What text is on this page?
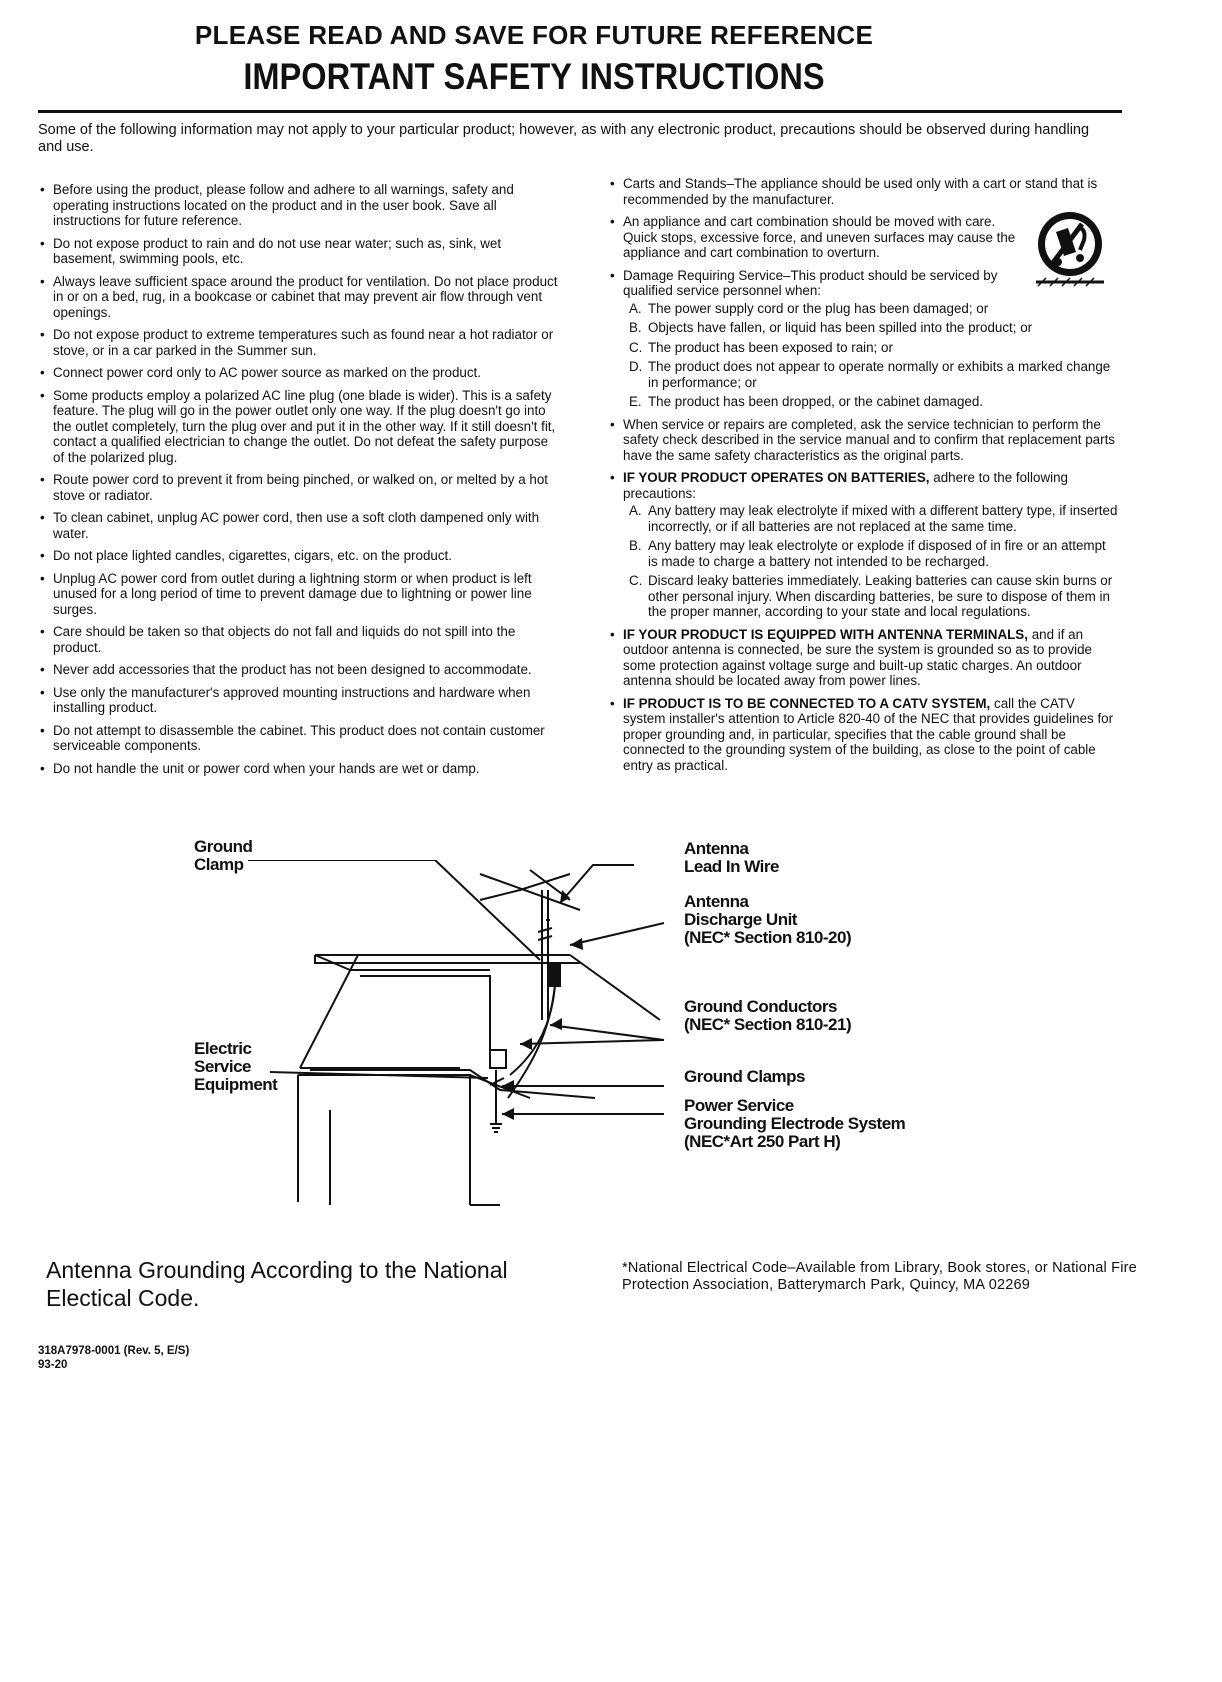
PLEASE READ AND SAVE FOR FUTURE REFERENCE
IMPORTANT SAFETY INSTRUCTIONS
Some of the following information may not apply to your particular product; however, as with any electronic product, precautions should be observed during handling and use.
• Before using the product, please follow and adhere to all warnings, safety and operating instructions located on the product and in the user book. Save all instructions for future reference.
• Do not expose product to rain and do not use near water; such as, sink, wet basement, swimming pools, etc.
• Always leave sufficient space around the product for ventilation. Do not place product in or on a bed, rug, in a bookcase or cabinet that may prevent air flow through vent openings.
• Do not expose product to extreme temperatures such as found near a hot radiator or stove, or in a car parked in the Summer sun.
• Connect power cord only to AC power source as marked on the product.
• Some products employ a polarized AC line plug (one blade is wider). This is a safety feature. The plug will go in the power outlet only one way. If the plug doesn't go into the outlet completely, turn the plug over and put it in the other way. If it still doesn't fit, contact a qualified electrician to change the outlet. Do not defeat the safety purpose of the polarized plug.
• Route power cord to prevent it from being pinched, or walked on, or melted by a hot stove or radiator.
• To clean cabinet, unplug AC power cord, then use a soft cloth dampened only with water.
• Do not place lighted candles, cigarettes, cigars, etc. on the product.
• Unplug AC power cord from outlet during a lightning storm or when product is left unused for a long period of time to prevent damage due to lightning or power line surges.
• Care should be taken so that objects do not fall and liquids do not spill into the product.
• Never add accessories that the product has not been designed to accommodate.
• Use only the manufacturer's approved mounting instructions and hardware when installing product.
• Do not attempt to disassemble the cabinet. This product does not contain customer serviceable components.
• Do not handle the unit or power cord when your hands are wet or damp.
• Carts and Stands–The appliance should be used only with a cart or stand that is recommended by the manufacturer.
• An appliance and cart combination should be moved with care. Quick stops, excessive force, and uneven surfaces may cause the appliance and cart combination to overturn.
• Damage Requiring Service–This product should be serviced by qualified service personnel when:
A. The power supply cord or the plug has been damaged; or
B. Objects have fallen, or liquid has been spilled into the product; or
C. The product has been exposed to rain; or
D. The product does not appear to operate normally or exhibits a marked change in performance; or
E. The product has been dropped, or the cabinet damaged.
• When service or repairs are completed, ask the service technician to perform the safety check described in the service manual and to confirm that replacement parts have the same safety characteristics as the original parts.
• IF YOUR PRODUCT OPERATES ON BATTERIES, adhere to the following precautions:
A. Any battery may leak electrolyte if mixed with a different battery type, if inserted incorrectly, or if all batteries are not replaced at the same time.
B. Any battery may leak electrolyte or explode if disposed of in fire or an attempt is made to charge a battery not intended to be recharged.
C. Discard leaky batteries immediately. Leaking batteries can cause skin burns or other personal injury. When discarding batteries, be sure to dispose of them in the proper manner, according to your state and local regulations.
• IF YOUR PRODUCT IS EQUIPPED WITH ANTENNA TERMINALS, and if an outdoor antenna is connected, be sure the system is grounded so as to provide some protection against voltage surge and built-up static charges. An outdoor antenna should be located away from power lines.
• IF PRODUCT IS TO BE CONNECTED TO A CATV SYSTEM, call the CATV system installer's attention to Article 820-40 of the NEC that provides guidelines for proper grounding and, in particular, specifies that the cable ground shall be connected to the grounding system of the building, as close to the point of cable entry as practical.
Ground
Clamp
Electric
Service
Equipment
Antenna
Lead In Wire
Antenna
Discharge Unit
(NEC* Section 810-20)
Ground Conductors
(NEC* Section 810-21)
Ground Clamps
Power Service
Grounding Electrode System
(NEC*Art 250 Part H)
Antenna Grounding According to the National Electical Code.
*National Electrical Code–Available from Library, Book stores, or National Fire Protection Association, Batterymarch Park, Quincy, MA 02269
318A7978-0001 (Rev. 5, E/S)
93-20
